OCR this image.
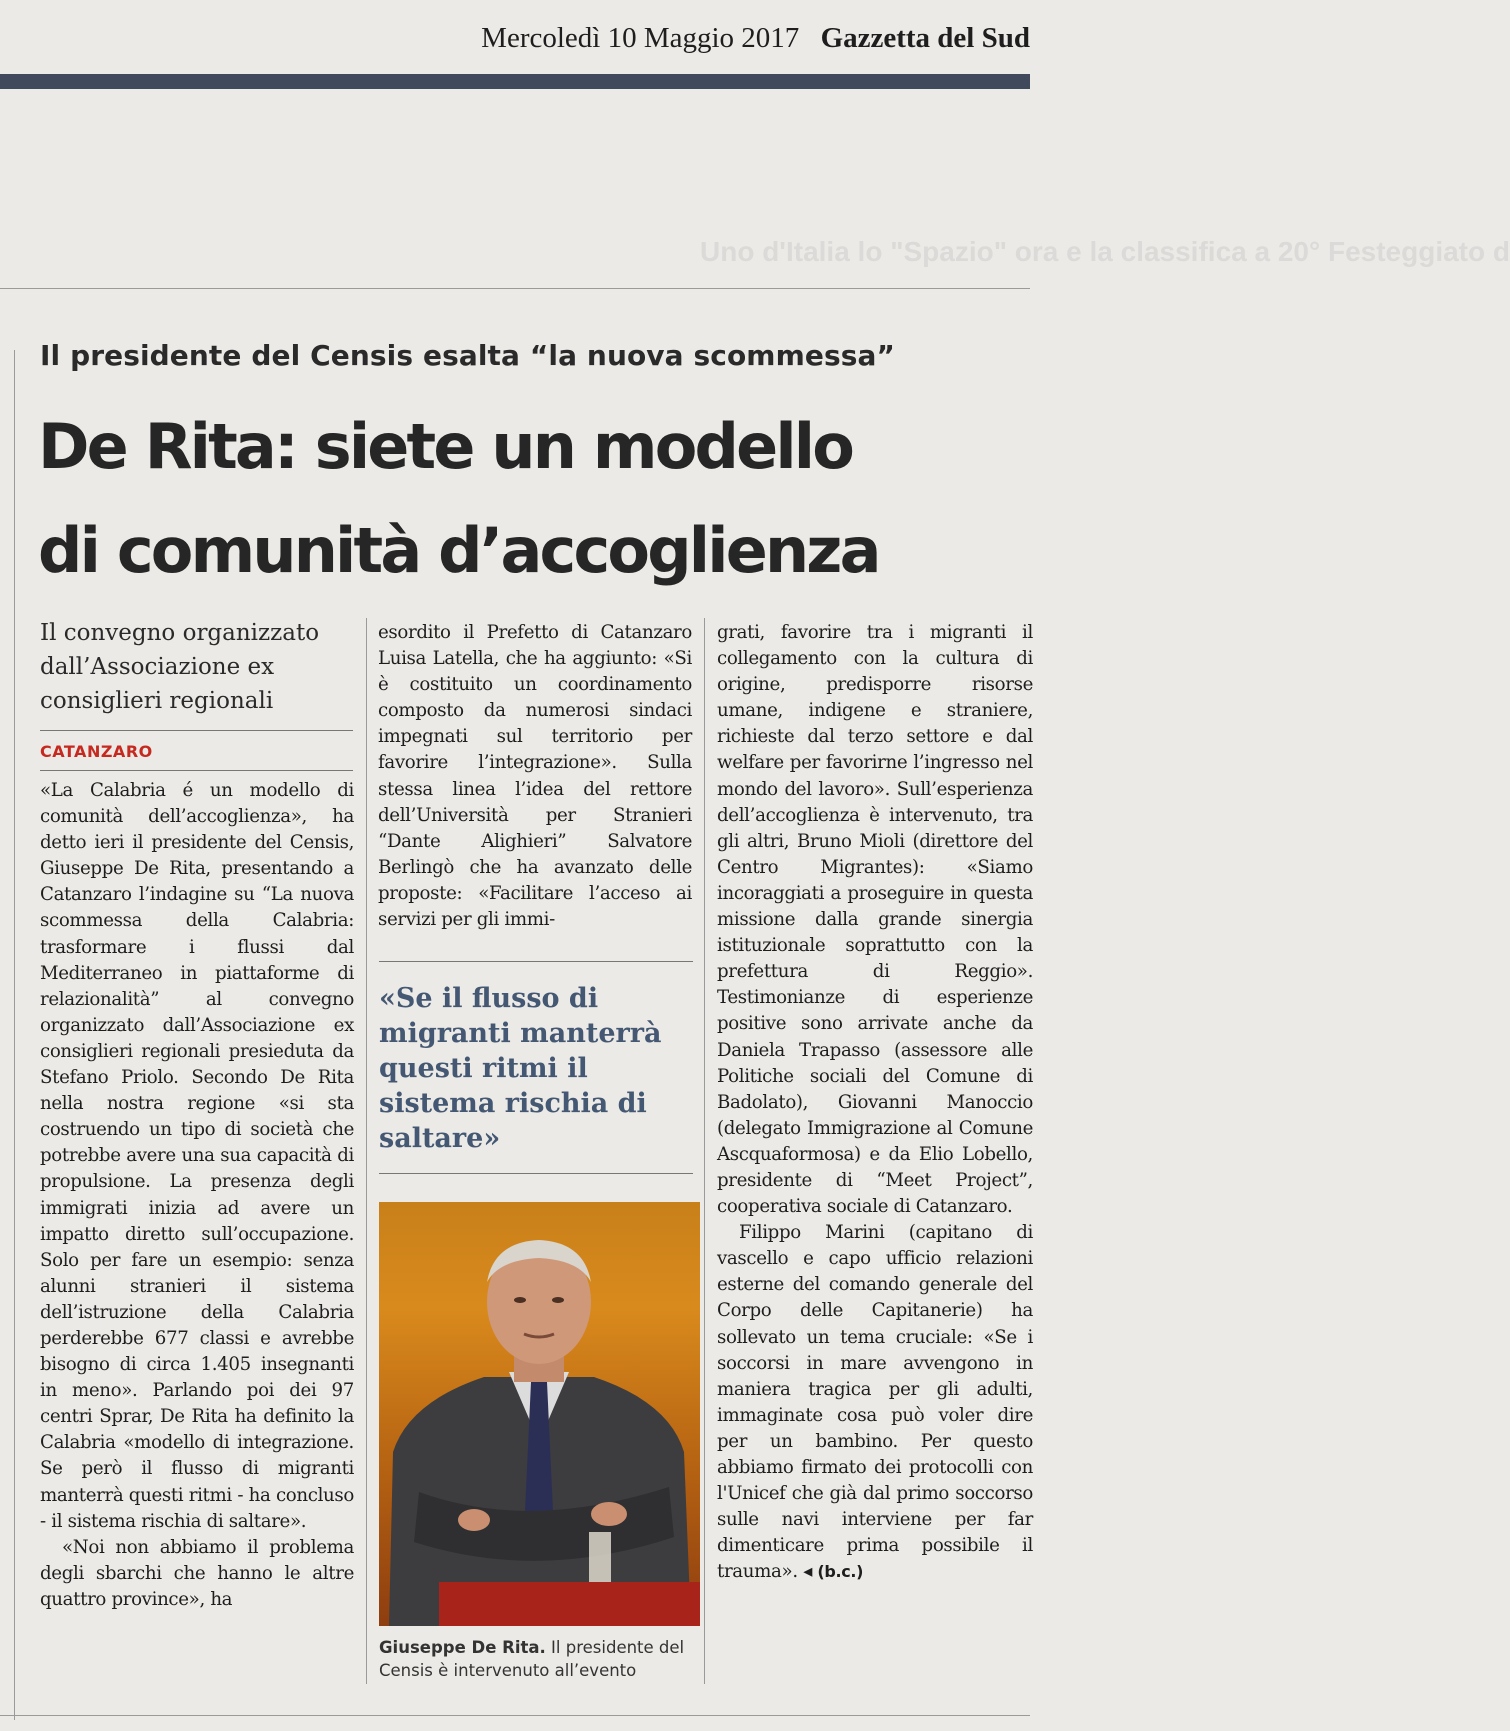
Mercoledì 10 Maggio 2017 Gazzetta del Sud
Uno d'Italia lo "Spazio" ora e la classifica a 20° Festeggiato d
Il presidente del Censis esalta “la nuova scommessa”
De Rita: siete un modello
di comunità d’accoglienza

Il convegno organizzato dall’Associazione ex consiglieri regionali

CATANZARO

«La Calabria é un modello di comunità dell’accoglienza», ha detto ieri il presidente del Censis, Giuseppe De Rita, presentando a Catanzaro l’indagine su “La nuova scommessa della Calabria: trasformare i flussi dal Mediterraneo in piattaforme di relazionalità” al convegno organizzato dall’Associazione ex consiglieri regionali presieduta da Stefano Priolo. Secondo De Rita nella nostra regione «si sta costruendo un tipo di società che potrebbe avere una sua capacità di propulsione. La presenza degli immigrati inizia ad avere un impatto diretto sull’occupazione. Solo per fare un esempio: senza alunni stranieri il sistema dell’istruzione della Calabria perderebbe 677 classi e avrebbe bisogno di circa 1.405 insegnanti in meno». Parlando poi dei 97 centri Sprar, De Rita ha definito la Calabria «modello di integrazione. Se però il flusso di migranti manterrà questi ritmi - ha concluso - il sistema rischia di saltare».

«Noi non abbiamo il problema degli sbarchi che hanno le altre quattro province», ha

esordito il Prefetto di Catanzaro Luisa Latella, che ha aggiunto: «Si è costituito un coordinamento composto da numerosi sindaci impegnati sul territorio per favorire l’integrazione». Sulla stessa linea l’idea del rettore dell’Università per Stranieri “Dante Alighieri” Salvatore Berlingò che ha avanzato delle proposte: «Facilitare l’acceso ai servizi per gli immi-

«Se il flusso di migranti manterrà questi ritmi il sistema rischia di saltare»

Giuseppe De Rita. Il presidente del Censis è intervenuto all’evento

grati, favorire tra i migranti il collegamento con la cultura di origine, predisporre risorse umane, indigene e straniere, richieste dal terzo settore e dal welfare per favorirne l’ingresso nel mondo del lavoro». Sull’esperienza dell’accoglienza è intervenuto, tra gli altri, Bruno Mioli (direttore del Centro Migrantes): «Siamo incoraggiati a proseguire in questa missione dalla grande sinergia istituzionale soprattutto con la prefettura di Reggio». Testimonianze di esperienze positive sono arrivate anche da Daniela Trapasso (assessore alle Politiche sociali del Comune di Badolato), Giovanni Manoccio (delegato Immigrazione al Comune Ascquaformosa) e da Elio Lobello, presidente di “Meet Project”, cooperativa sociale di Catanzaro.

Filippo Marini (capitano di vascello e capo ufficio relazioni esterne del comando generale del Corpo delle Capitanerie) ha sollevato un tema cruciale: «Se i soccorsi in mare avvengono in maniera tragica per gli adulti, immaginate cosa può voler dire per un bambino. Per questo abbiamo firmato dei protocolli con l'Unicef che già dal primo soccorso sulle navi interviene per far dimenticare prima possibile il trauma». ◂ (b.c.)
